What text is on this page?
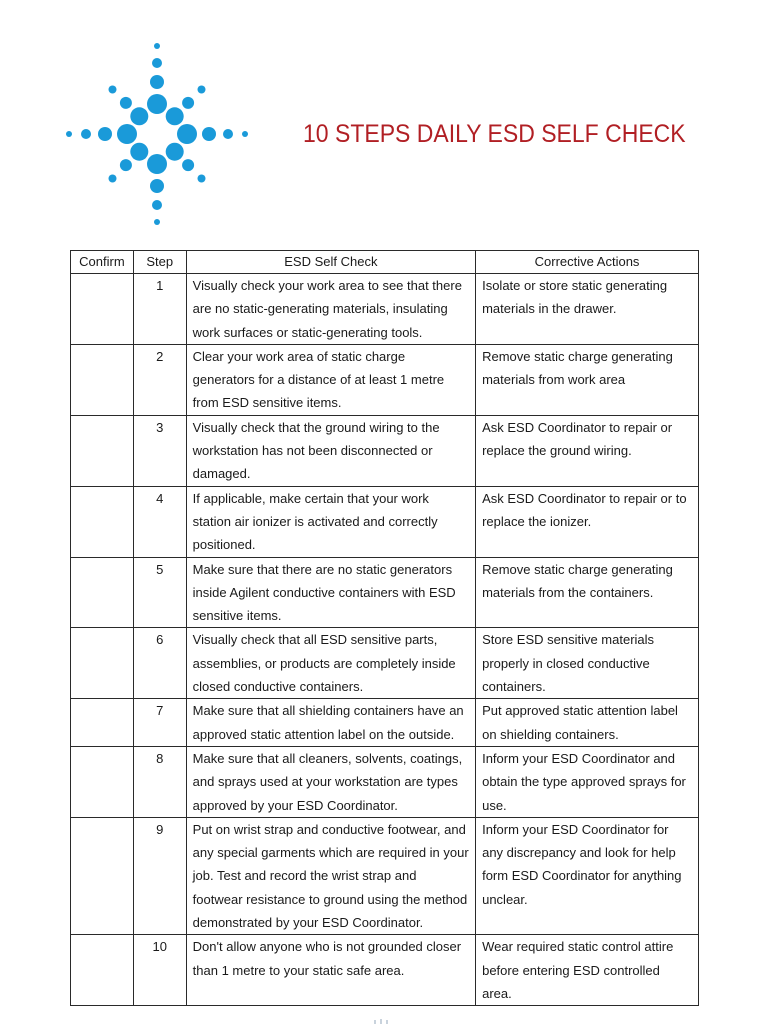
10 STEPS DAILY ESD SELF CHECK
Confirm	Step	ESD Self Check	Corrective Actions
	1	Visually check your work area to see that there are no static-generating materials, insulating work surfaces or static-generating tools.	Isolate or store static generating materials in the drawer.
	2	Clear your work area of static charge generators for a distance of at least 1 metre from ESD sensitive items.	Remove static charge generating materials from work area
	3	Visually check that the ground wiring to the workstation has not been disconnected or damaged.	Ask ESD Coordinator to repair or replace the ground wiring.
	4	If applicable, make certain that your work station air ionizer is activated and correctly positioned.	Ask ESD Coordinator to repair or to replace the ionizer.
	5	Make sure that there are no static generators inside Agilent conductive containers with ESD sensitive items.	Remove static charge generating materials from the containers.
	6	Visually check that all ESD sensitive parts, assemblies, or products are completely inside closed conductive containers.	Store ESD sensitive materials properly in closed conductive containers.
	7	Make sure that all shielding containers have an approved static attention label on the outside.	Put approved static attention label on shielding containers.
	8	Make sure that all cleaners, solvents, coatings, and sprays used at your workstation are types approved by your ESD Coordinator.	Inform your ESD Coordinator and obtain the type approved sprays for use.
	9	Put on wrist strap and conductive footwear, and any special garments which are required in your job. Test and record the wrist strap and footwear resistance to ground using the method demonstrated by your ESD Coordinator.	Inform your ESD Coordinator for any discrepancy and look for help form ESD Coordinator for anything unclear.
	10	Don't allow anyone who is not grounded closer than 1 metre to your static safe area.	Wear required static control attire before entering ESD controlled area.
